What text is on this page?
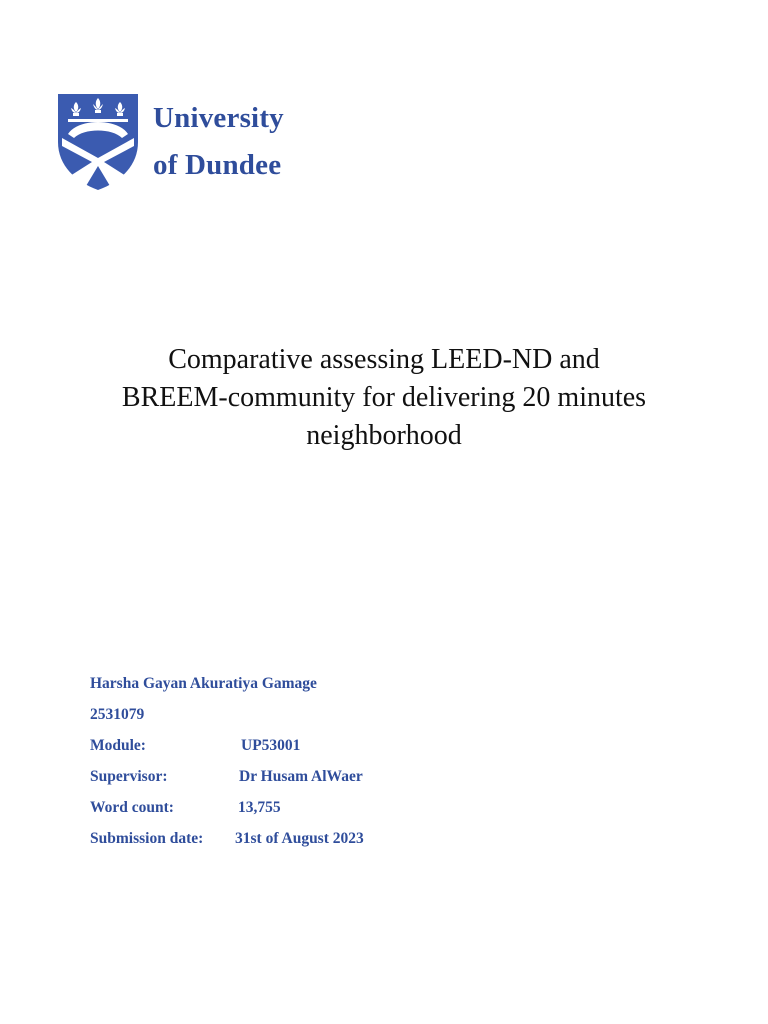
University
of Dundee
Comparative assessing LEED-ND and
BREEM-community for delivering 20 minutes
neighborhood
Harsha Gayan Akuratiya Gamage
2531079
Module:	UP53001
Supervisor:	Dr Husam AlWaer
Word count:	13,755
Submission date:	31st of August 2023
